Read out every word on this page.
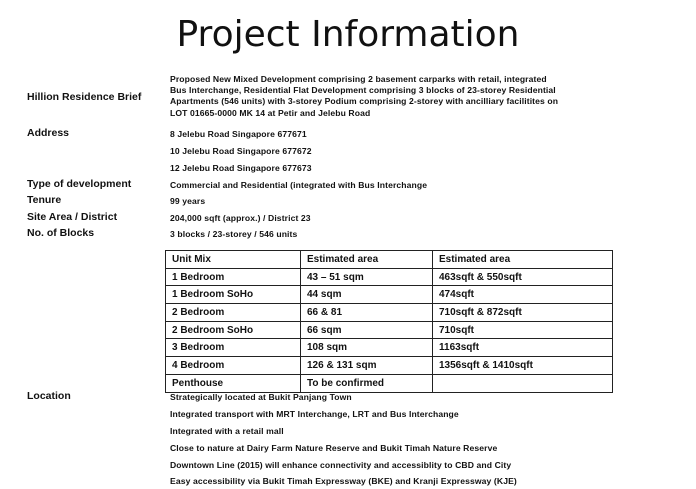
Project Information
Hillion Residence Brief
Proposed New Mixed Development comprising 2 basement carparks with retail, integrated
Bus Interchange, Residential Flat Development comprising 3 blocks of 23-storey Residential
Apartments (546 units) with 3-storey Podium comprising 2-storey with ancilliary facilitites on
LOT 01665-0000 MK 14 at Petir and Jelebu Road
Address	8 Jelebu Road Singapore 677671
10 Jelebu Road Singapore 677672
12 Jelebu Road Singapore 677673
Type of development	Commercial and Residential (integrated with Bus Interchange
Tenure	99 years
Site Area / District	204,000 sqft (approx.) / District 23
No. of Blocks	3 blocks / 23-storey / 546 units
Unit Mix	Estimated area	Estimated area
1 Bedroom	43 – 51 sqm	463sqft & 550sqft
1 Bedroom SoHo	44 sqm	474sqft
2 Bedroom	66 & 81	710sqft & 872sqft
2 Bedroom SoHo	66 sqm	710sqft
3 Bedroom	108 sqm	1163sqft
4 Bedroom	126 & 131 sqm	1356sqft & 1410sqft
Penthouse	To be confirmed	
Location	Strategically located at Bukit Panjang Town
Integrated transport with MRT Interchange, LRT and Bus Interchange
Integrated with a retail mall
Close to nature at Dairy Farm Nature Reserve and Bukit Timah Nature Reserve
Downtown Line (2015) will enhance connectivity and accessiblity to CBD and City
Easy accessibility via Bukit Timah Expressway (BKE) and Kranji Expressway (KJE)
